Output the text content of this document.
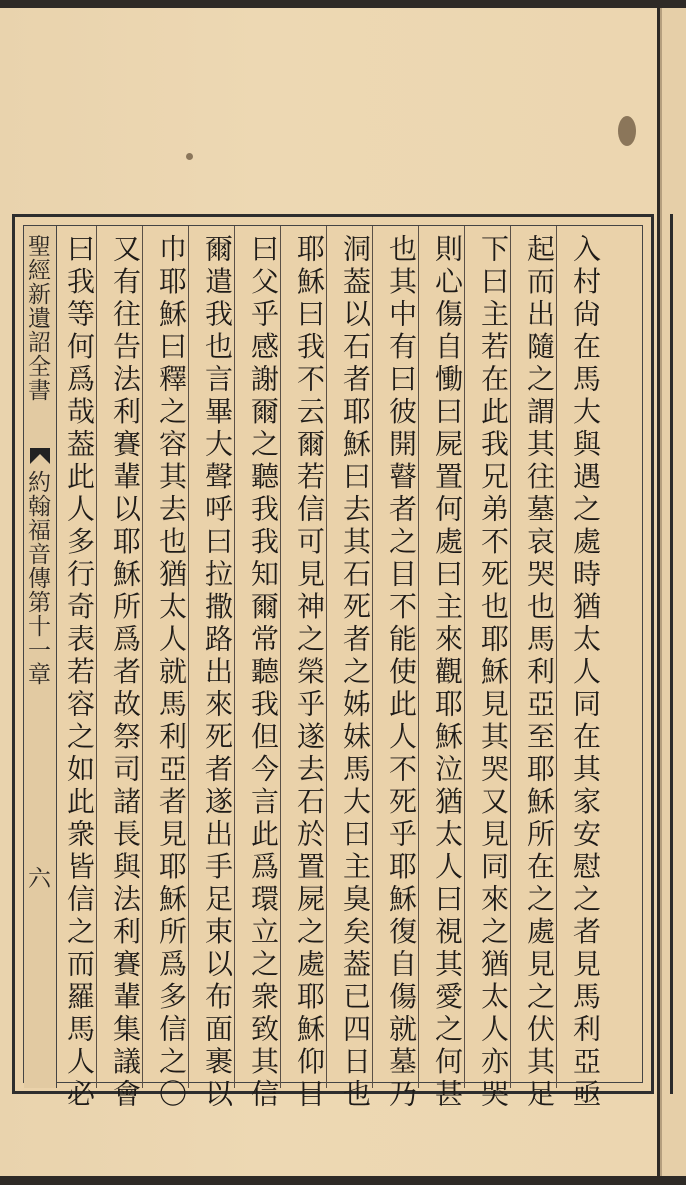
聖經新遺詔全書
約翰福音傳第十一章
六	入村尙在馬大與遇之處時猶太人同在其家安慰之者見馬利亞亟
起而出隨之謂其往墓哀哭也馬利亞至耶穌所在之處見之伏其足
下曰主若在此我兄弟不死也耶穌見其哭又見同來之猶太人亦哭
則心傷自慟曰屍置何處曰主來觀耶穌泣猶太人曰視其愛之何甚
也其中有曰彼開瞽者之目不能使此人不死乎耶穌復自傷就墓乃
洞葢以石者耶穌曰去其石死者之姊妹馬大曰主臭矣葢已四日也
耶穌曰我不云爾若信可見神之榮乎遂去石於置屍之處耶穌仰目
曰父乎感謝爾之聽我我知爾常聽我但今言此爲環立之衆致其信
爾遣我也言畢大聲呼曰拉撒路出來死者遂出手足束以布面裹以
巾耶穌曰釋之容其去也猶太人就馬利亞者見耶穌所爲多信之〇
又有往告法利賽輩以耶穌所爲者故祭司諸長與法利賽輩集議會
曰我等何爲哉葢此人多行奇表若容之如此衆皆信之而羅馬人必
